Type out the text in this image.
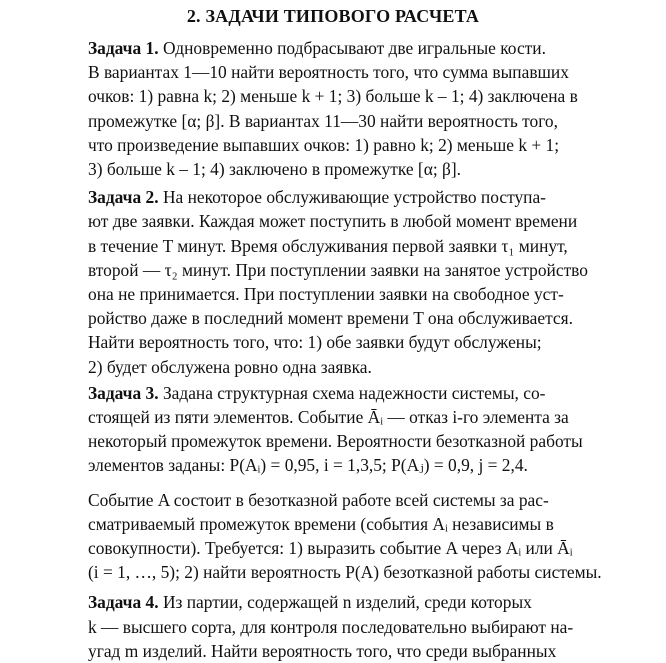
2. ЗАДАЧИ ТИПОВОГО РАСЧЕТА

Задача 1. Одновременно подбрасывают две игральные кости.
В вариантах 1—10 найти вероятность того, что сумма выпавших
очков: 1) равна k; 2) меньше k + 1; 3) больше k – 1; 4) заключена в
промежутке [α; β]. В вариантах 11—30 найти вероятность того,
что произведение выпавших очков: 1) равно k; 2) меньше k + 1;
3) больше k – 1; 4) заключено в промежутке [α; β].

Задача 2. На некоторое обслуживающие устройство поступа-
ют две заявки. Каждая может поступить в любой момент времени
в течение T минут. Время обслуживания первой заявки τ₁ минут,
второй — τ₂ минут. При поступлении заявки на занятое устройство
она не принимается. При поступлении заявки на свободное уст-
ройство даже в последний момент времени T она обслуживается.
Найти вероятность того, что: 1) обе заявки будут обслужены;
2) будет обслужена ровно одна заявка.

Задача 3. Задана структурная схема надежности системы, со-
стоящей из пяти элементов. Событие Āᵢ — отказ i-го элемента за
некоторый промежуток времени. Вероятности безотказной работы
элементов заданы: P(Aᵢ) = 0,95, i = 1,3,5; P(Aⱼ) = 0,9, j = 2,4.

Событие A состоит в безотказной работе всей системы за рас-
сматриваемый промежуток времени (события Aᵢ независимы в
совокупности). Требуется: 1) выразить событие A через Aᵢ или Āᵢ
(i = 1, …, 5); 2) найти вероятность P(A) безотказной работы системы.

Задача 4. Из партии, содержащей n изделий, среди которых
k — высшего сорта, для контроля последовательно выбирают на-
угад m изделий. Найти вероятность того, что среди выбранных
